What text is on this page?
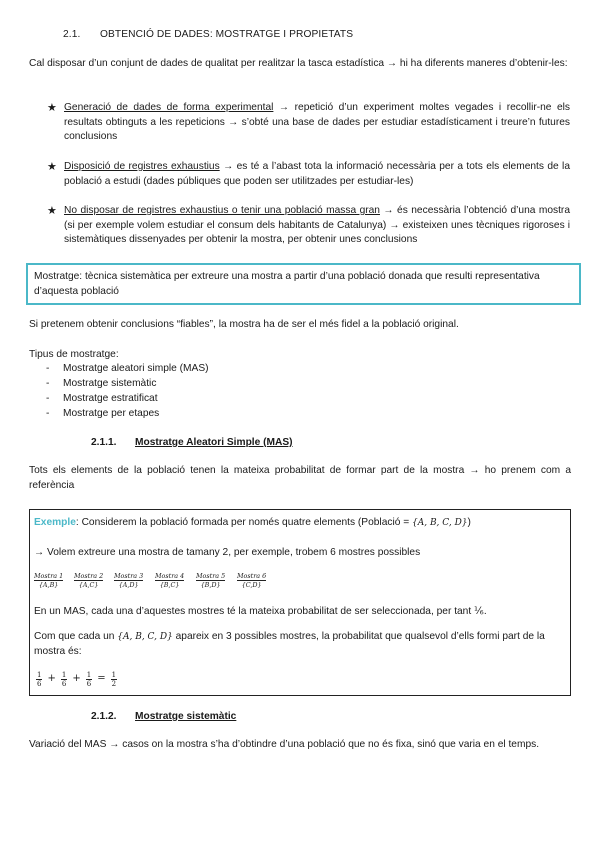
2.1. OBTENCIÓ DE DADES: MOSTRATGE I PROPIETATS

Cal disposar d’un conjunt de dades de qualitat per realitzar la tasca estadística → hi ha diferents maneres d’obtenir-les:

★ Generació de dades de forma experimental → repetició d’un experiment moltes vegades i recollir-ne els resultats obtinguts a les repeticions → s’obté una base de dades per estudiar estadísticament i treure’n futures conclusions

★ Disposició de registres exhaustius → es té a l’abast tota la informació necessària per a tots els elements de la població a estudi (dades públiques que poden ser utilitzades per estudiar-les)

★ No disposar de registres exhaustius o tenir una població massa gran → és necessària l’obtenció d’una mostra (si per exemple volem estudiar el consum dels habitants de Catalunya) → existeixen unes tècniques rigoroses i sistemàtiques dissenyades per obtenir la mostra, per obtenir unes conclusions

Mostratge: tècnica sistemàtica per extreure una mostra a partir d’una població donada que resulti representativa d’aquesta població

Si pretenem obtenir conclusions “fiables”, la mostra ha de ser el més fidel a la població original.

Tipus de mostratge:

- Mostratge aleatori simple (MAS)
- Mostratge sistemàtic
- Mostratge estratificat
- Mostratge per etapes
2.1.1. Mostratge Aleatori Simple (MAS)

Tots els elements de la població tenen la mateixa probabilitat de formar part de la mostra → ho prenem com a referència

Exemple: Considerem la població formada per només quatre elements (Població = {A, B, C, D})

→ Volem extreure una mostra de tamany 2, per exemple, trobem 6 mostres possibles

Mostra 1
{A,B}
Mostra 2
{A,C}
Mostra 3
{A,D}
Mostra 4
{B,C}
Mostra 5
{B,D}
Mostra 6
{C,D}

En un MAS, cada una d’aquestes mostres té la mateixa probabilitat de ser seleccionada, per tant ⅙.

Com que cada un {A, B, C, D} apareix en 3 possibles mostres, la probabilitat que qualsevol d’ells formi part de la mostra és:

$\frac{1}{6} + \frac{1}{6} + \frac{1}{6} = \frac{1}{2}$
2.1.2. Mostratge sistemàtic

Variació del MAS → casos on la mostra s’ha d’obtindre d’una població que no és fixa, sinó que varia en el temps.
